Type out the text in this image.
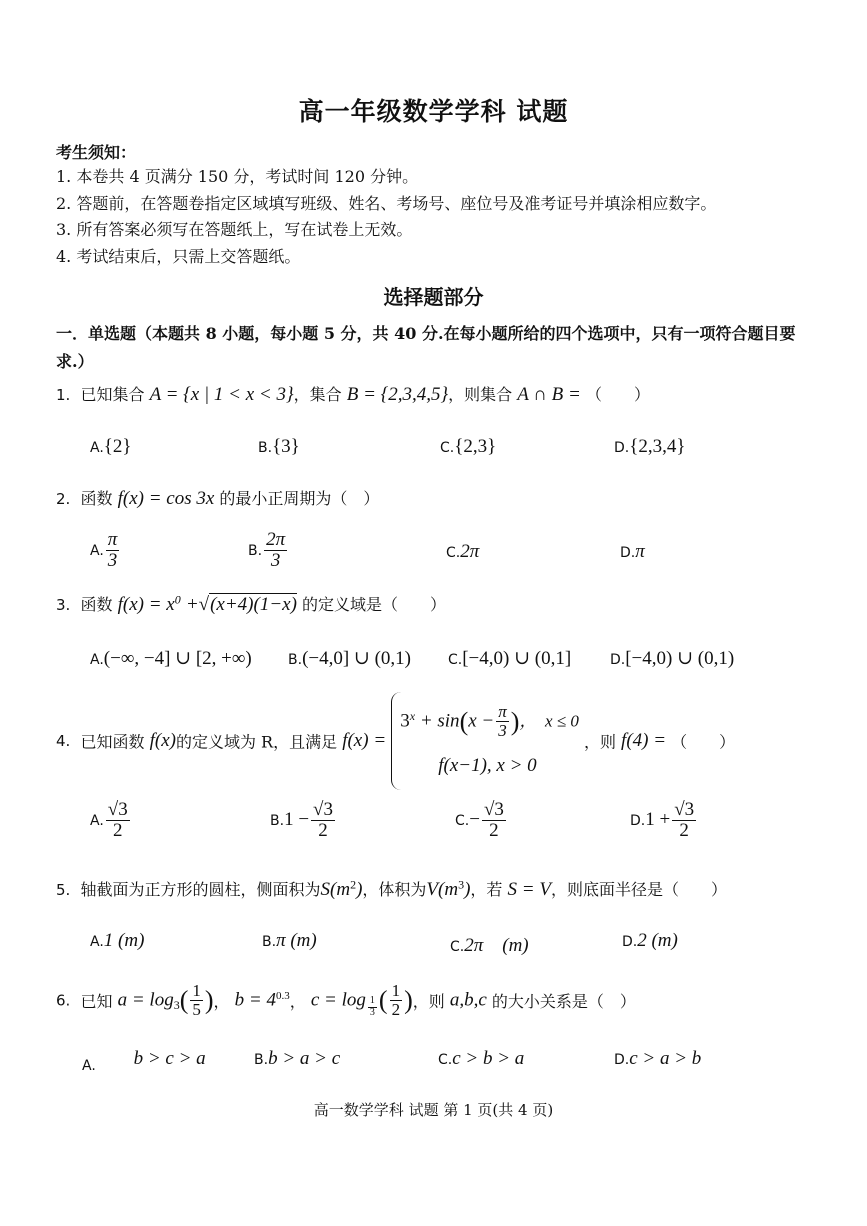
高一年级数学学科 试题
考生须知：
1. 本卷共 4 页满分 150 分，考试时间 120 分钟。
2. 答题前，在答题卷指定区域填写班级、姓名、考场号、座位号及准考证号并填涂相应数字。
3. 所有答案必须写在答题纸上，写在试卷上无效。
4. 考试结束后，只需上交答题纸。
选择题部分
一．单选题（本题共 8 小题，每小题 5 分，共 40 分.在每小题所给的四个选项中，只有一项符合题目要求.）
1. 已知集合 A = {x | 1 < x < 3}，集合 B = {2,3,4,5}，则集合 A ∩ B = （　　）
A.{2}	B.{3}	C.{2,3}	D.{2,3,4}
2. 函数 f(x) = cos 3x 的最小正周期为（　）
A. $\frac{\pi}{3}$	B. $\frac{2\pi}{3}$	C.2π	D.π
3. 函数 $f(x) = x^0 +√(x+4)(1-x)$ 的定义域是（　　）
A.(−∞, −4] ∪ [2, +∞)	B.(−4,0] ∪ (0,1)	C.[−4,0) ∪ (0,1]	D.[−4,0) ∪ (0,1)
4. 已知函数 f(x)的定义域为 R，且满足 f(x) =
$3^x + \sin(x - \frac{\pi}{3}$ )，　x ≤ 0
f(x−1), x > 0
，则 f(4) = （　　）
A. $\frac{√3}{2}$	$B.1 - \frac{√3}{2}$	$C.- \frac{√3}{2}$	$D.1 + \frac{√3}{2}$
5. 轴截面为正方形的圆柱，侧面积为$S(m^2)$，体积为$V(m^3)$，若 S = V，则底面半径是（　　）
A.1 (m)	B.π (m)	C.2π　(m)	D.2 (m)
6. 已知 $a = \log_3( \frac{1}{5}$ )， $b = 4^{0.3}$， $c = \log \frac{1}{3}$ ( $\frac{1}{2}$ )，则 a,b,c 的大小关系是（　）
$_{A.}$ b > c > a	B.b > a > c	C.c > b > a	D.c > a > b
高一数学学科 试题 第 1 页(共 4 页)
